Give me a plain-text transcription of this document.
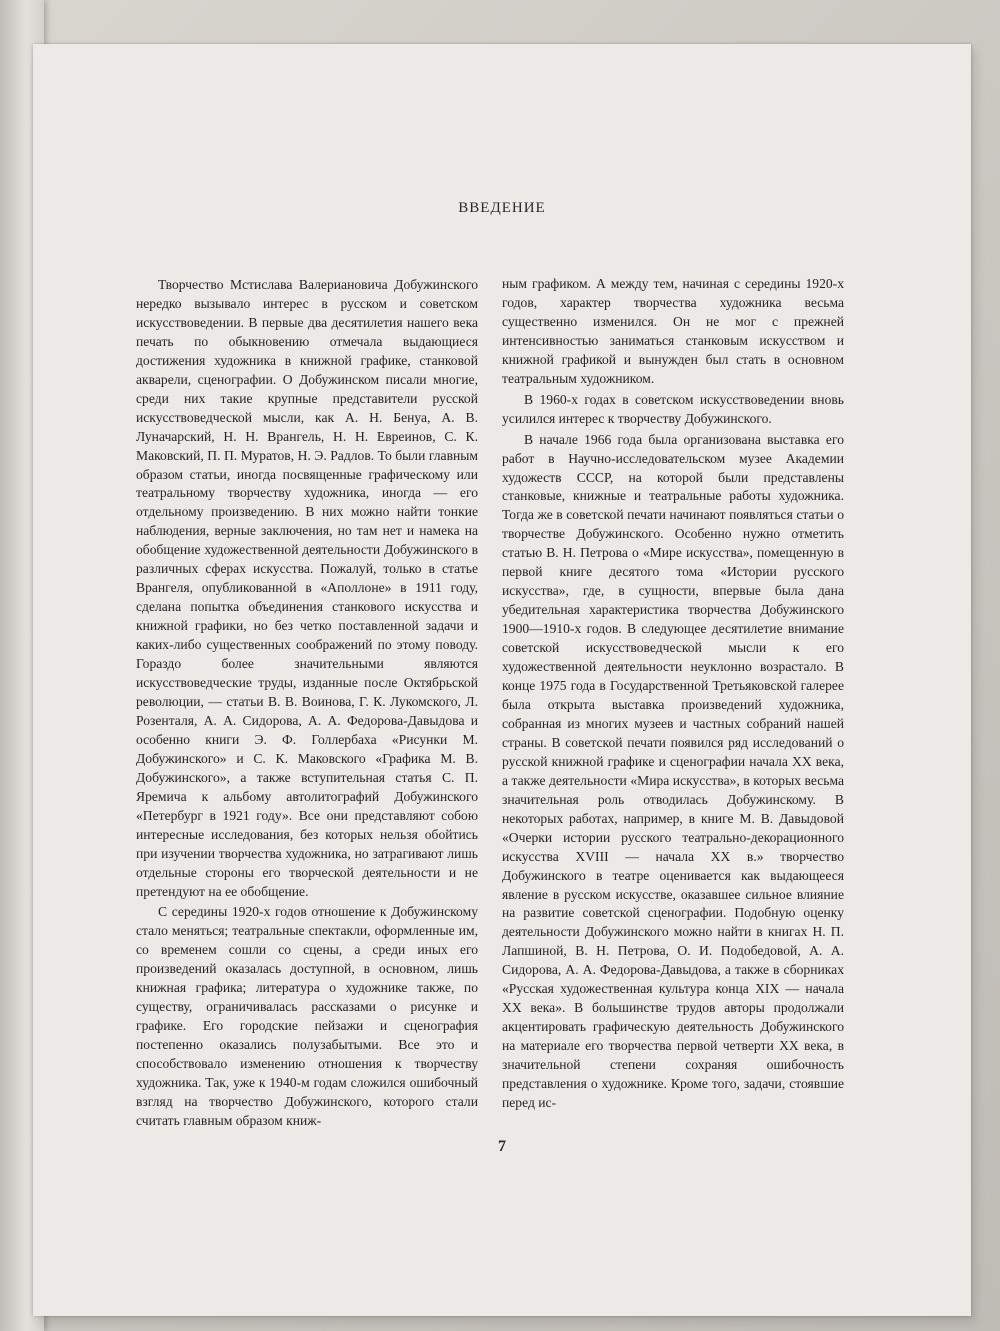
ВВЕДЕНИЕ

Творчество Мстислава Валериановича Добужинского нередко вызывало интерес в русском и советском искусствоведении. В первые два десятилетия нашего века печать по обыкновению отмечала выдающиеся достижения художника в книжной графике, станковой акварели, сценографии. О Добужинском писали многие, среди них такие крупные представители русской искусствоведческой мысли, как А. Н. Бенуа, А. В. Луначарский, Н. Н. Врангель, Н. Н. Евреинов, С. К. Маковский, П. П. Муратов, Н. Э. Радлов. То были главным образом статьи, иногда посвященные графическому или театральному творчеству художника, иногда — его отдельному произведению. В них можно найти тонкие наблюдения, верные заключения, но там нет и намека на обобщение художественной деятельности Добужинского в различных сферах искусства. Пожалуй, только в статье Врангеля, опубликованной в «Аполлоне» в 1911 году, сделана попытка объединения станкового искусства и книжной графики, но без четко поставленной задачи и каких-либо существенных соображений по этому поводу. Гораздо более значительными являются искусствоведческие труды, изданные после Октябрьской революции, — статьи В. В. Воинова, Г. К. Лукомского, Л. Розенталя, А. А. Сидорова, А. А. Федорова-Давыдова и особенно книги Э. Ф. Голлербаха «Рисунки М. Добужинского» и С. К. Маковского «Графика М. В. Добужинского», а также вступительная статья С. П. Яремича к альбому автолитографий Добужинского «Петербург в 1921 году». Все они представляют собою интересные исследования, без которых нельзя обойтись при изучении творчества художника, но затрагивают лишь отдельные стороны его творческой деятельности и не претендуют на ее обобщение.

С середины 1920-х годов отношение к Добужинскому стало меняться; театральные спектакли, оформленные им, со временем сошли со сцены, а среди иных его произведений оказалась доступной, в основном, лишь книжная графика; литература о художнике также, по существу, ограничивалась рассказами о рисунке и графике. Его городские пейзажи и сценография постепенно оказались полузабытыми. Все это и способствовало изменению отношения к творчеству художника. Так, уже к 1940-м годам сложился ошибочный взгляд на творчество Добужинского, которого стали считать главным образом книж-

ным графиком. А между тем, начиная с середины 1920-х годов, характер творчества художника весьма существенно изменился. Он не мог с прежней интенсивностью заниматься станковым искусством и книжной графикой и вынужден был стать в основном театральным художником.

В 1960-х годах в советском искусствоведении вновь усилился интерес к творчеству Добужинского.

В начале 1966 года была организована выставка его работ в Научно-исследовательском музее Академии художеств СССР, на которой были представлены станковые, книжные и театральные работы художника. Тогда же в советской печати начинают появляться статьи о творчестве Добужинского. Особенно нужно отметить статью В. Н. Петрова о «Мире искусства», помещенную в первой книге десятого тома «Истории русского искусства», где, в сущности, впервые была дана убедительная характеристика творчества Добужинского 1900—1910-х годов. В следующее десятилетие внимание советской искусствоведческой мысли к его художественной деятельности неуклонно возрастало. В конце 1975 года в Государственной Третьяковской галерее была открыта выставка произведений художника, собранная из многих музеев и частных собраний нашей страны. В советской печати появился ряд исследований о русской книжной графике и сценографии начала XX века, а также деятельности «Мира искусства», в которых весьма значительная роль отводилась Добужинскому. В некоторых работах, например, в книге М. В. Давыдовой «Очерки истории русского театрально-декорационного искусства XVIII — начала XX в.» творчество Добужинского в театре оценивается как выдающееся явление в русском искусстве, оказавшее сильное влияние на развитие советской сценографии. Подобную оценку деятельности Добужинского можно найти в книгах Н. П. Лапшиной, В. Н. Петрова, О. И. Подобедовой, А. А. Сидорова, А. А. Федорова-Давыдова, а также в сборниках «Русская художественная культура конца XIX — начала XX века». В большинстве трудов авторы продолжали акцентировать графическую деятельность Добужинского на материале его творчества первой четверти XX века, в значительной степени сохраняя ошибочность представления о художнике. Кроме того, задачи, стоявшие перед ис-

7
